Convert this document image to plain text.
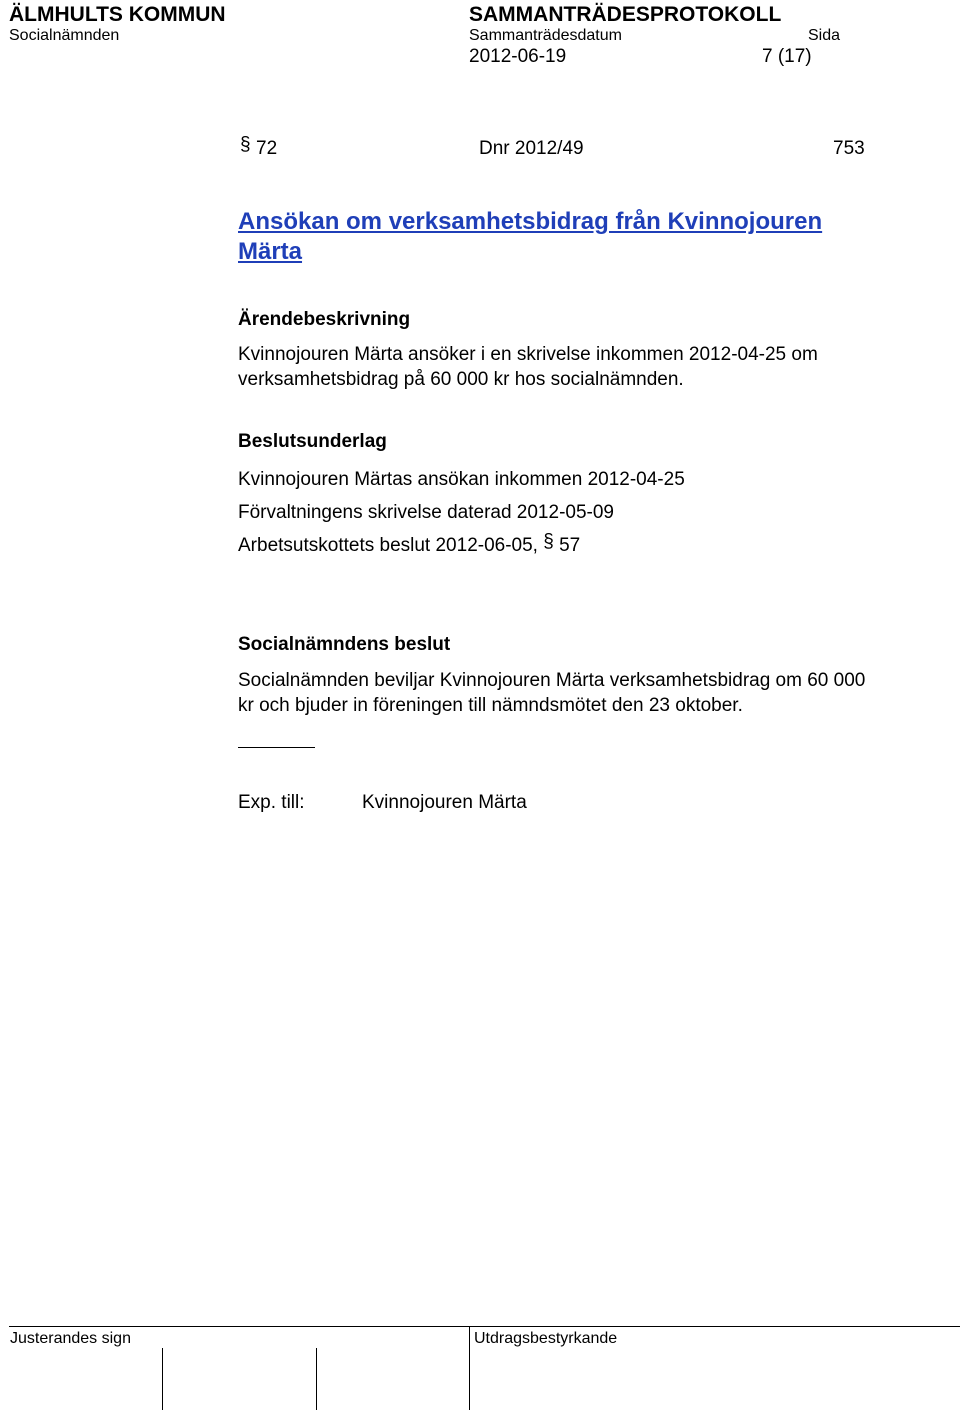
ÄLMHULTS KOMMUN	SAMMANTRÄDESPROTOKOLL
Socialnämnden	Sammanträdesdatum	Sida
2012-06-19	7 (17)
§ 72	Dnr 2012/49	753
Ansökan om verksamhetsbidrag från Kvinnojouren Märta
Ärendebeskrivning
Kvinnojouren Märta ansöker i en skrivelse inkommen 2012-04-25 om verksamhetsbidrag på 60 000 kr hos socialnämnden.
Beslutsunderlag
Kvinnojouren Märtas ansökan inkommen 2012-04-25
Förvaltningens skrivelse daterad 2012-05-09
Arbetsutskottets beslut 2012-06-05, § 57
Socialnämndens beslut
Socialnämnden beviljar Kvinnojouren Märta verksamhetsbidrag om 60 000 kr och bjuder in föreningen till nämndsmötet den 23 oktober.
Exp. till:	Kvinnojouren Märta
Justerandes sign	Utdragsbestyrkande
